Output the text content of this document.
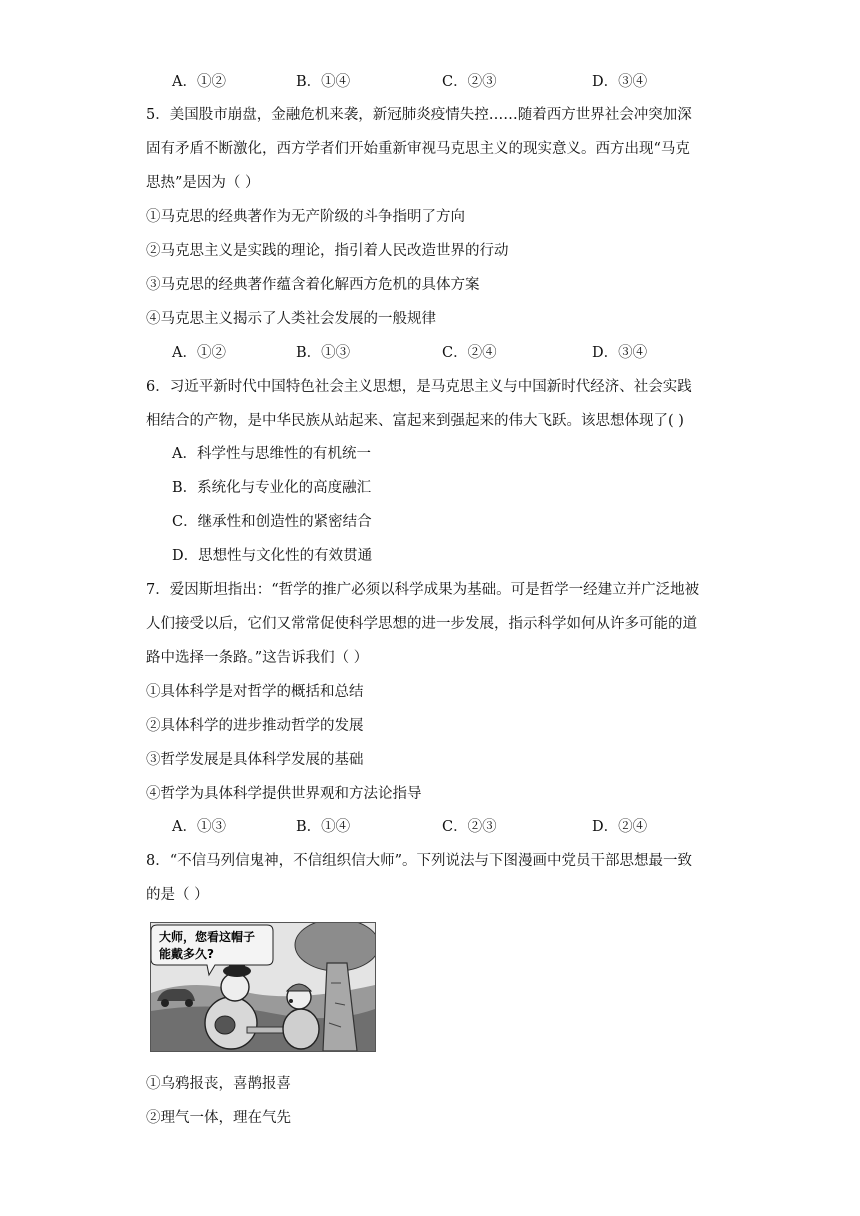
A．①②	B．①④	C．②③	D．③④
5．美国股市崩盘，金融危机来袭，新冠肺炎疫情失控……随着西方世界社会冲突加深
固有矛盾不断激化，西方学者们开始重新审视马克思主义的现实意义。西方出现“马克
思热”是因为（ ）
①马克思的经典著作为无产阶级的斗争指明了方向
②马克思主义是实践的理论，指引着人民改造世界的行动
③马克思的经典著作蕴含着化解西方危机的具体方案
④马克思主义揭示了人类社会发展的一般规律
A．①②	B．①③	C．②④	D．③④
6．习近平新时代中国特色社会主义思想，是马克思主义与中国新时代经济、社会实践
相结合的产物，是中华民族从站起来、富起来到强起来的伟大飞跃。该思想体现了( )
A．科学性与思维性的有机统一
B．系统化与专业化的高度融汇
C．继承性和创造性的紧密结合
D．思想性与文化性的有效贯通
7．爱因斯坦指出：“哲学的推广必须以科学成果为基础。可是哲学一经建立并广泛地被
人们接受以后，它们又常常促使科学思想的进一步发展，指示科学如何从许多可能的道
路中选择一条路。”这告诉我们（ ）
①具体科学是对哲学的概括和总结
②具体科学的进步推动哲学的发展
③哲学发展是具体科学发展的基础
④哲学为具体科学提供世界观和方法论指导
A．①③	B．①④	C．②③	D．②④
8．“不信马列信鬼神，不信组织信大师”。下列说法与下图漫画中党员干部思想最一致
的是（ ）
大师，您看这帽子
能戴多久?
①乌鸦报丧，喜鹊报喜
②理气一体，理在气先
